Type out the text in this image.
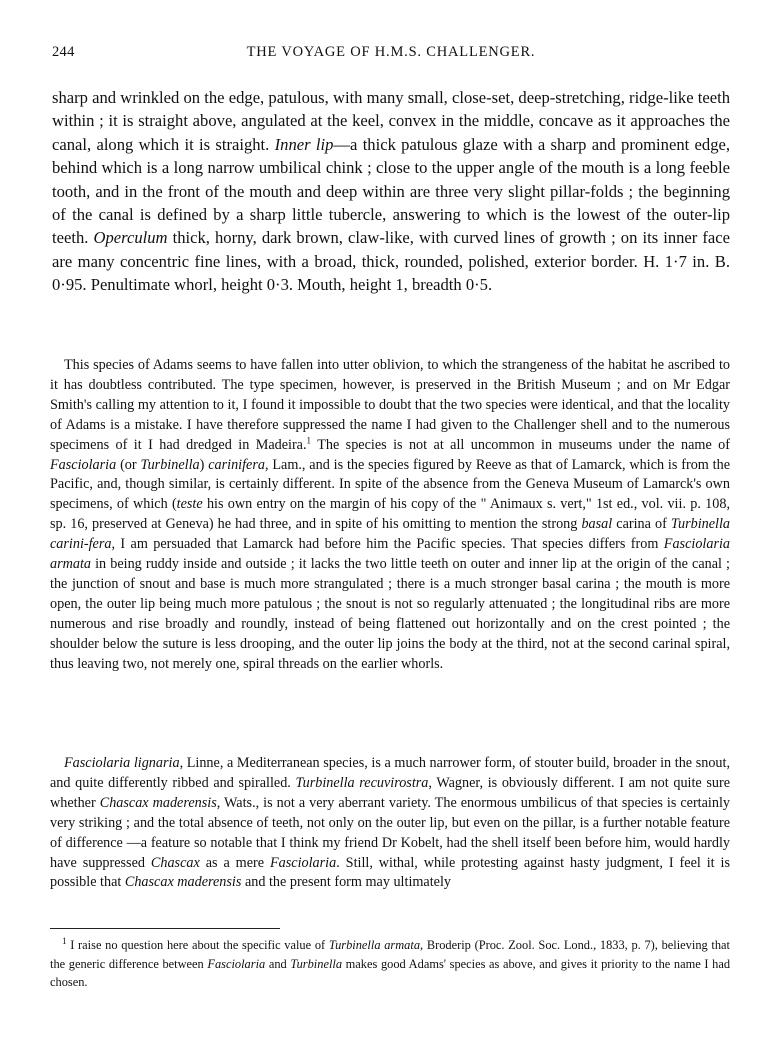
244	THE VOYAGE OF H.M.S. CHALLENGER.

sharp and wrinkled on the edge, patulous, with many small, close-set, deep-stretching, ridge-like teeth within ; it is straight above, angulated at the keel, convex in the middle, concave as it approaches the canal, along which it is straight. Inner lip—a thick patulous glaze with a sharp and prominent edge, behind which is a long narrow umbilical chink ; close to the upper angle of the mouth is a long feeble tooth, and in the front of the mouth and deep within are three very slight pillar-folds ; the beginning of the canal is defined by a sharp little tubercle, answering to which is the lowest of the outer-lip teeth. Operculum thick, horny, dark brown, claw-like, with curved lines of growth ; on its inner face are many concentric fine lines, with a broad, thick, rounded, polished, exterior border. H. 1·7 in. B. 0·95. Penultimate whorl, height 0·3. Mouth, height 1, breadth 0·5.

This species of Adams seems to have fallen into utter oblivion, to which the strangeness of the habitat he ascribed to it has doubtless contributed. The type specimen, however, is preserved in the British Museum ; and on Mr Edgar Smith's calling my attention to it, I found it impossible to doubt that the two species were identical, and that the locality of Adams is a mistake. I have therefore suppressed the name I had given to the Challenger shell and to the numerous specimens of it I had dredged in Madeira.$^1$ The species is not at all uncommon in museums under the name of Fasciolaria (or Turbinella) carinifera, Lam., and is the species figured by Reeve as that of Lamarck, which is from the Pacific, and, though similar, is certainly different. In spite of the absence from the Geneva Museum of Lamarck's own specimens, of which (teste his own entry on the margin of his copy of the " Animaux s. vert," 1st ed., vol. vii. p. 108, sp. 16, preserved at Geneva) he had three, and in spite of his omitting to mention the strong basal carina of Turbinella carini-fera, I am persuaded that Lamarck had before him the Pacific species. That species differs from Fasciolaria armata in being ruddy inside and outside ; it lacks the two little teeth on outer and inner lip at the origin of the canal ; the junction of snout and base is much more strangulated ; there is a much stronger basal carina ; the mouth is more open, the outer lip being much more patulous ; the snout is not so regularly attenuated ; the longitudinal ribs are more numerous and rise broadly and roundly, instead of being flattened out horizontally and on the crest pointed ; the shoulder below the suture is less drooping, and the outer lip joins the body at the third, not at the second carinal spiral, thus leaving two, not merely one, spiral threads on the earlier whorls.

Fasciolaria lignaria, Linne, a Mediterranean species, is a much narrower form, of stouter build, broader in the snout, and quite differently ribbed and spiralled. Turbinella recuvirostra, Wagner, is obviously different. I am not quite sure whether Chascax maderensis, Wats., is not a very aberrant variety. The enormous umbilicus of that species is certainly very striking ; and the total absence of teeth, not only on the outer lip, but even on the pillar, is a further notable feature of difference —a feature so notable that I think my friend Dr Kobelt, had the shell itself been before him, would hardly have suppressed Chascax as a mere Fasciolaria. Still, withal, while protesting against hasty judgment, I feel it is possible that Chascax maderensis and the present form may ultimately

$^1$ I raise no question here about the specific value of Turbinella armata, Broderip (Proc. Zool. Soc. Lond., 1833, p. 7), believing that the generic difference between Fasciolaria and Turbinella makes good Adams' species as above, and gives it priority to the name I had chosen.
